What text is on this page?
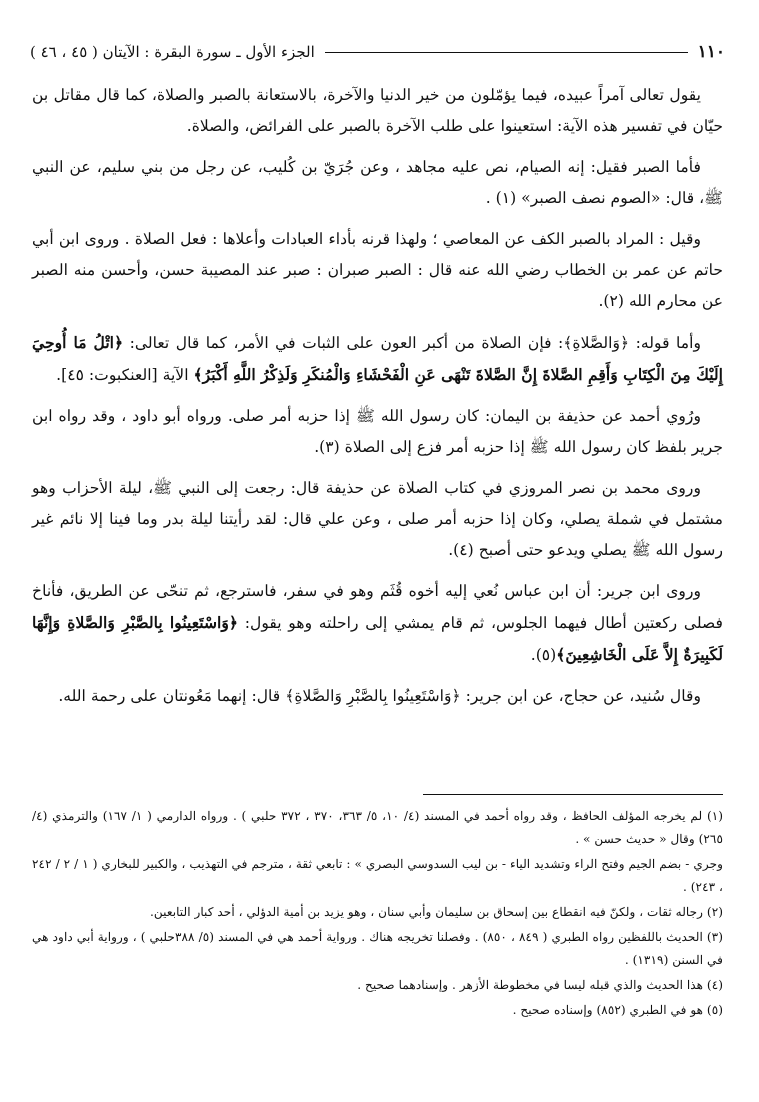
١١٠
الجزء الأول ـ سورة البقرة : الآيتان ( ٤٥ ، ٤٦ )

يقول تعالى آمراً عبيده، فيما يؤمّلون من خير الدنيا والآخرة، بالاستعانة بالصبر والصلاة، كما قال مقاتل بن حيّان في تفسير هذه الآية: استعينوا على طلب الآخرة بالصبر على الفرائض، والصلاة.

فأما الصبر فقيل: إنه الصيام، نص عليه مجاهد ، وعن جُرَيّ بن كُليب، عن رجل من بني سليم، عن النبي ﷺ، قال: «الصوم نصف الصبر» (١) .

وقيل : المراد بالصبر الكف عن المعاصي ؛ ولهذا قرنه بأداء العبادات وأعلاها : فعل الصلاة . وروى ابن أبي حاتم عن عمر بن الخطاب رضي الله عنه قال : الصبر صبران : صبر عند المصيبة حسن، وأحسن منه الصبر عن محارم الله (٢).

وأما قوله: ﴿وَالصَّلاةِ﴾: فإن الصلاة من أكبر العون على الثبات في الأمر، كما قال تعالى: ﴿اتْلُ مَا أُوحِيَ إِلَيْكَ مِنَ الْكِتَابِ وَأَقِمِ الصَّلاةَ إِنَّ الصَّلاةَ تَنْهَى عَنِ الْفَحْشَاءِ وَالْمُنكَرِ وَلَذِكْرُ اللَّهِ أَكْبَرُ﴾ الآية [العنكبوت: ٤٥].

ورُوي أحمد عن حذيفة بن اليمان: كان رسول الله ﷺ إذا حزبه أمر صلى. ورواه أبو داود ، وقد رواه ابن جرير بلفظ كان رسول الله ﷺ إذا حزبه أمر فزع إلى الصلاة (٣).

وروى محمد بن نصر المروزي في كتاب الصلاة عن حذيفة قال: رجعت إلى النبي ﷺ، ليلة الأحزاب وهو مشتمل في شملة يصلي، وكان إذا حزبه أمر صلى ، وعن علي قال: لقد رأيتنا ليلة بدر وما فينا إلا نائم غير رسول الله ﷺ يصلي ويدعو حتى أصبح (٤).

وروى ابن جرير: أن ابن عباس نُعي إليه أخوه قُثَم وهو في سفر، فاسترجع، ثم تنحّى عن الطريق، فأناخ فصلى ركعتين أطال فيهما الجلوس، ثم قام يمشي إلى راحلته وهو يقول: ﴿وَاسْتَعِينُوا بِالصَّبْرِ وَالصَّلاةِ وَإِنَّهَا لَكَبِيرَةٌ إِلاَّ عَلَى الْخَاشِعِينَ﴾(٥).

وقال سُنيد، عن حجاج، عن ابن جرير: ﴿وَاسْتَعِينُوا بِالصَّبْرِ وَالصَّلاةِ﴾ قال: إنهما مَعُونتان على رحمة الله.

(١) لم يخرجه المؤلف الحافظ ، وقد رواه أحمد في المسند (٤/ ١٠، ٥/ ٣٦٣، ٣٧٠ ، ٣٧٢ حلبي ) . ورواه الدارمي ( ١/ ١٦٧) والترمذي (٤/ ٢٦٥) وقال « حديث حسن » .

وجري - بضم الجيم وفتح الراء وتشديد الياء - بن ليب السدوسي البصري » : تابعي ثقة ، مترجم في التهذيب ، والكبير للبخاري ( ١ / ٢ / ٢٤٢ ، ٢٤٣) .

(٢) رجاله ثقات ، ولكنّ فيه انقطاع بين إسحاق بن سليمان وأبي سنان ، وهو يزيد بن أمية الدؤلي ، أحد كبار التابعين.

(٣) الحديث باللفظين رواه الطبري ( ٨٤٩ ، ٨٥٠) . وفصلنا تخريجه هناك . ورواية أحمد هي في المسند (٥/ ٣٨٨حلبي ) ، ورواية أبي داود هي في السنن (١٣١٩) .

(٤) هذا الحديث والذي قبله ليسا في مخطوطة الأزهر . وإسنادهما صحيح .

(٥) هو في الطبري (٨٥٢) وإسناده صحيح .
